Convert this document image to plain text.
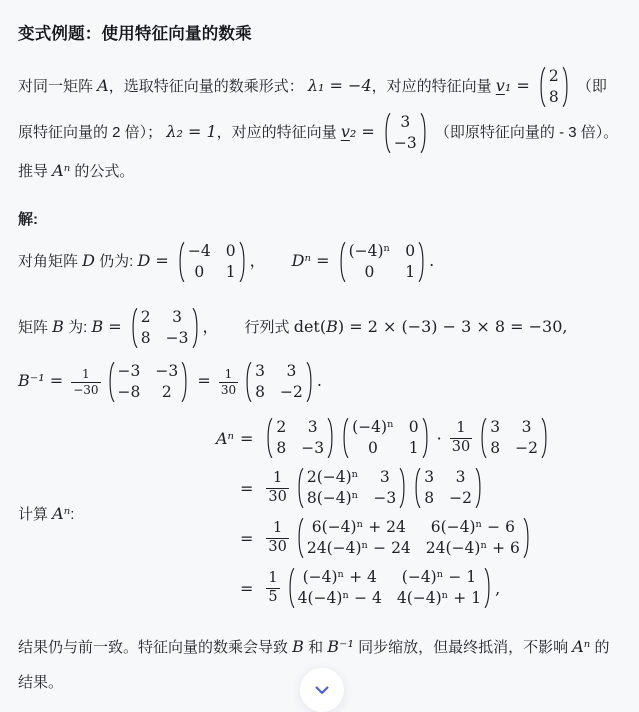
变式例题：使用特征向量的数乘

对同一矩阵 A，选取特征向量的数乘形式： λ₁ = −4，对应的特征向量 v₁ = 2
8
（即原特征向量的 2 倍）； λ₂ = 1，对应的特征向量 v₂ = 3
−3
（即原特征向量的 - 3 倍）。推导 Aⁿ 的公式。

解:

对角矩阵 D 仍为: D = −4 0
0 1
， Dⁿ = (−4)ⁿ 0
0 1
.

矩阵 B 为: B = 2 3
8 −3
， 行列式 det(B) = 2 × (−3) − 3 × 8 = −30,

$B^{-1} = \frac{1}{-30} -3 -3$
−8 2
= $\frac{1}{30} 3$ 3
8 −2
.

计算 Aⁿ:
Aⁿ =
2 3
8 −3
(−4)ⁿ 0
0 1
· $\frac{1}{30} 3$ 3
8 −2
= $\frac{1}{30} 2(-4)^n$ 3
8(−4)ⁿ −3
3 3
8 −2
= $\frac{1}{30} 6(-4)^n + 24$ 6(−4)ⁿ − 6
24(−4)ⁿ − 24 24(−4)ⁿ + 6
= $\frac{1}{5} (-4)^n + 4$ (−4)ⁿ − 1
4(−4)ⁿ − 4 4(−4)ⁿ + 1
,

结果仍与前一致。特征向量的数乘会导致 B 和 B⁻¹ 同步缩放，但最终抵消，不影响 Aⁿ 的结果。
